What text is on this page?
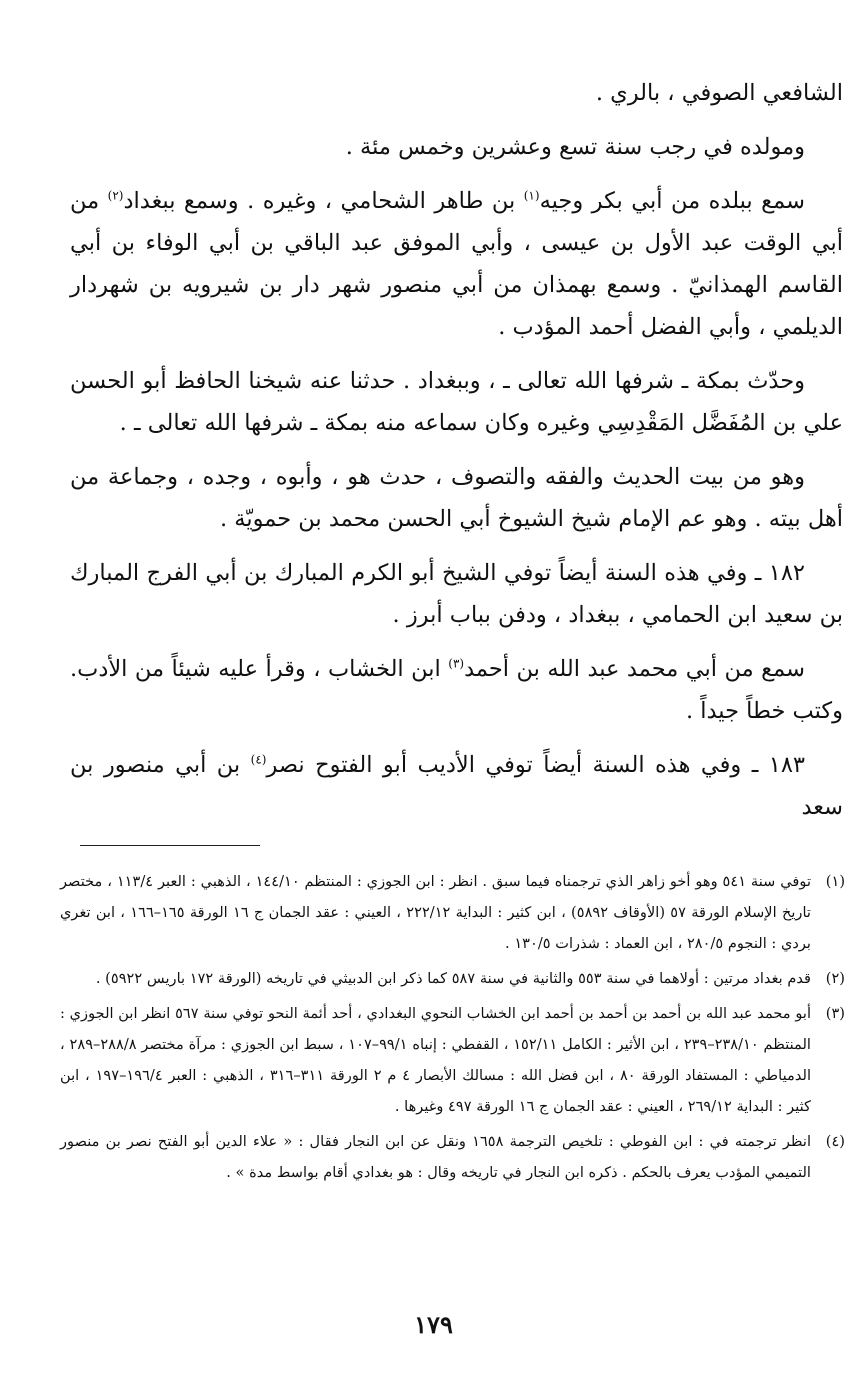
الشافعي الصوفي ، بالري .

ومولده في رجب سنة تسع وعشرين وخمس مئة .

سمع ببلده من أبي بكر وجيه$^{(١)}$ بن طاهر الشحامي ، وغيره . وسمع ببغداد$^{(٢)}$ من أبي الوقت عبد الأول بن عيسى ، وأبي الموفق عبد الباقي بن أبي الوفاء بن أبي القاسم الهمذانيّ . وسمع بهمذان من أبي منصور شهر دار بن شيرويه بن شهردار الديلمي ، وأبي الفضل أحمد المؤدب .

وحدّث بمكة ـ شرفها الله تعالى ـ ، وببغداد . حدثنا عنه شيخنا الحافظ أبو الحسن علي بن المُفَضَّل المَقْدِسِي وغيره وكان سماعه منه بمكة ـ شرفها الله تعالى ـ .

وهو من بيت الحديث والفقه والتصوف ، حدث هو ، وأبوه ، وجده ، وجماعة من أهل بيته . وهو عم الإمام شيخ الشيوخ أبي الحسن محمد بن حمويّة .

١٨٢ ـ وفي هذه السنة أيضاً توفي الشيخ أبو الكرم المبارك بن أبي الفرج المبارك بن سعيد ابن الحمامي ، ببغداد ، ودفن بباب أبرز .

سمع من أبي محمد عبد الله بن أحمد$^{(٣)}$ ابن الخشاب ، وقرأ عليه شيئاً من الأدب. وكتب خطاً جيداً .

١٨٣ ـ وفي هذه السنة أيضاً توفي الأديب أبو الفتوح نصر$^{(٤)}$ بن أبي منصور بن سعد

(١)توفي سنة ٥٤١ وهو أخو زاهر الذي ترجمناه فيما سبق . انظر : ابن الجوزي : المنتظم ١٤٤/١٠ ، الذهبي : العبر ١١٣/٤ ، مختصر تاريخ الإسلام الورقة ٥٧ (الأوقاف ٥٨٩٢) ، ابن كثير : البداية ٢٢٢/١٢ ، العيني : عقد الجمان ج ١٦ الورقة ١٦٥–١٦٦ ، ابن تغري بردي : النجوم ٢٨٠/٥ ، ابن العماد : شذرات ١٣٠/٥ .

(٢)قدم بغداد مرتين : أولاهما في سنة ٥٥٣ والثانية في سنة ٥٨٧ كما ذكر ابن الدبيثي في تاريخه (الورقة ١٧٢ باريس ٥٩٢٢) .

(٣)أبو محمد عبد الله بن أحمد بن أحمد بن أحمد ابن الخشاب النحوي البغدادي ، أحد أئمة النحو توفي سنة ٥٦٧ انظر ابن الجوزي : المنتظم ٢٣٨/١٠–٢٣٩ ، ابن الأثير : الكامل ١٥٢/١١ ، القفطي : إنباه ٩٩/١–١٠٧ ، سبط ابن الجوزي : مرآة مختصر ٢٨٨/٨–٢٨٩ ، الدمياطي : المستفاد الورقة ٨٠ ، ابن فضل الله : مسالك الأبصار ٤ م ٢ الورقة ٣١١–٣١٦ ، الذهبي : العبر ١٩٦/٤–١٩٧ ، ابن كثير : البداية ٢٦٩/١٢ ، العيني : عقد الجمان ج ١٦ الورقة ٤٩٧ وغيرها .

(٤)انظر ترجمته في : ابن الفوطي : تلخيص الترجمة ١٦٥٨ ونقل عن ابن النجار فقال : « علاء الدين أبو الفتح نصر بن منصور التميمي المؤدب يعرف بالحكم . ذكره ابن النجار في تاريخه وقال : هو بغدادي أقام بواسط مدة » .

١٧٩
